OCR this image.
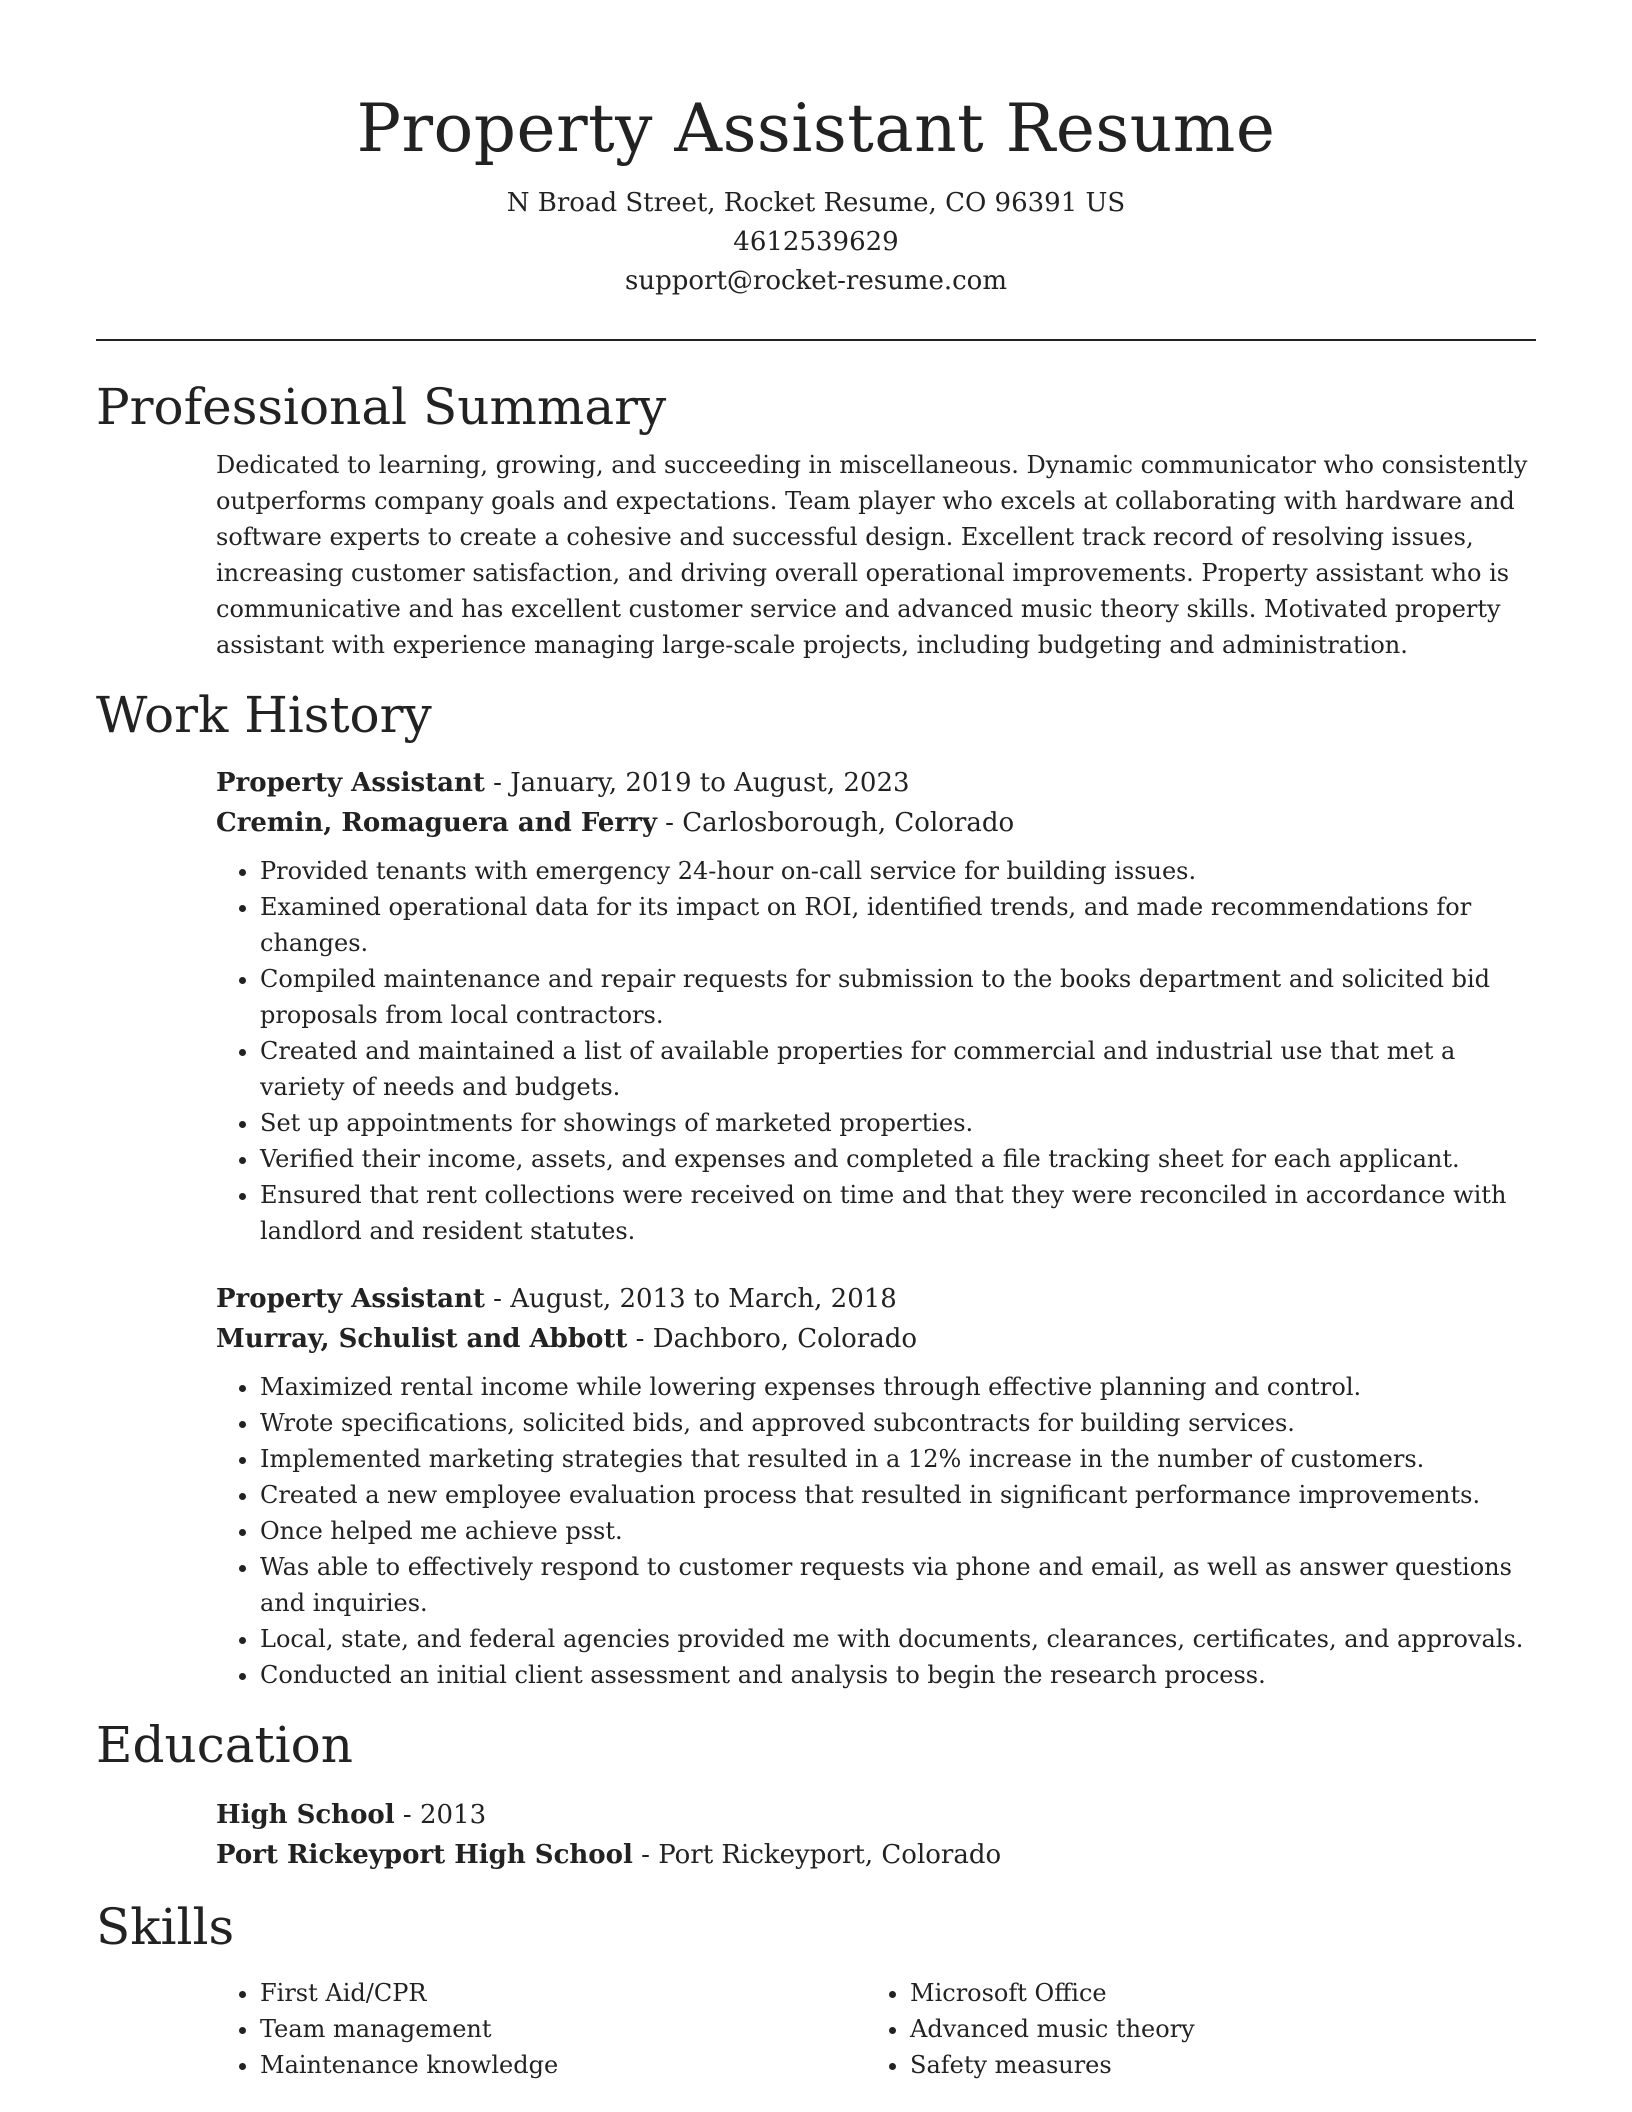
Property Assistant Resume
N Broad Street, Rocket Resume, CO 96391 US
4612539629
support@rocket-resume.com
Professional Summary

Dedicated to learning, growing, and succeeding in miscellaneous. Dynamic communicator who consistently outperforms company goals and expectations. Team player who excels at collaborating with hardware and software experts to create a cohesive and successful design. Excellent track record of resolving issues, increasing customer satisfaction, and driving overall operational improvements. Property assistant who is communicative and has excellent customer service and advanced music theory skills. Motivated property assistant with experience managing large-scale projects, including budgeting and administration.

Work History
Property Assistant - January, 2019 to August, 2023
Cremin, Romaguera and Ferry - Carlosborough, Colorado
• Provided tenants with emergency 24-hour on-call service for building issues.
• Examined operational data for its impact on ROI, identified trends, and made recommendations for changes.
• Compiled maintenance and repair requests for submission to the books department and solicited bid proposals from local contractors.
• Created and maintained a list of available properties for commercial and industrial use that met a variety of needs and budgets.
• Set up appointments for showings of marketed properties.
• Verified their income, assets, and expenses and completed a file tracking sheet for each applicant.
• Ensured that rent collections were received on time and that they were reconciled in accordance with landlord and resident statutes.
Property Assistant - August, 2013 to March, 2018
Murray, Schulist and Abbott - Dachboro, Colorado
• Maximized rental income while lowering expenses through effective planning and control.
• Wrote specifications, solicited bids, and approved subcontracts for building services.
• Implemented marketing strategies that resulted in a 12% increase in the number of customers.
• Created a new employee evaluation process that resulted in significant performance improvements.
• Once helped me achieve psst.
• Was able to effectively respond to customer requests via phone and email, as well as answer questions and inquiries.
• Local, state, and federal agencies provided me with documents, clearances, certificates, and approvals.
• Conducted an initial client assessment and analysis to begin the research process.
Education
High School - 2013
Port Rickeyport High School - Port Rickeyport, Colorado
Skills
• First Aid/CPR
• Team management
• Maintenance knowledge
• Microsoft Office
• Advanced music theory
• Safety measures
